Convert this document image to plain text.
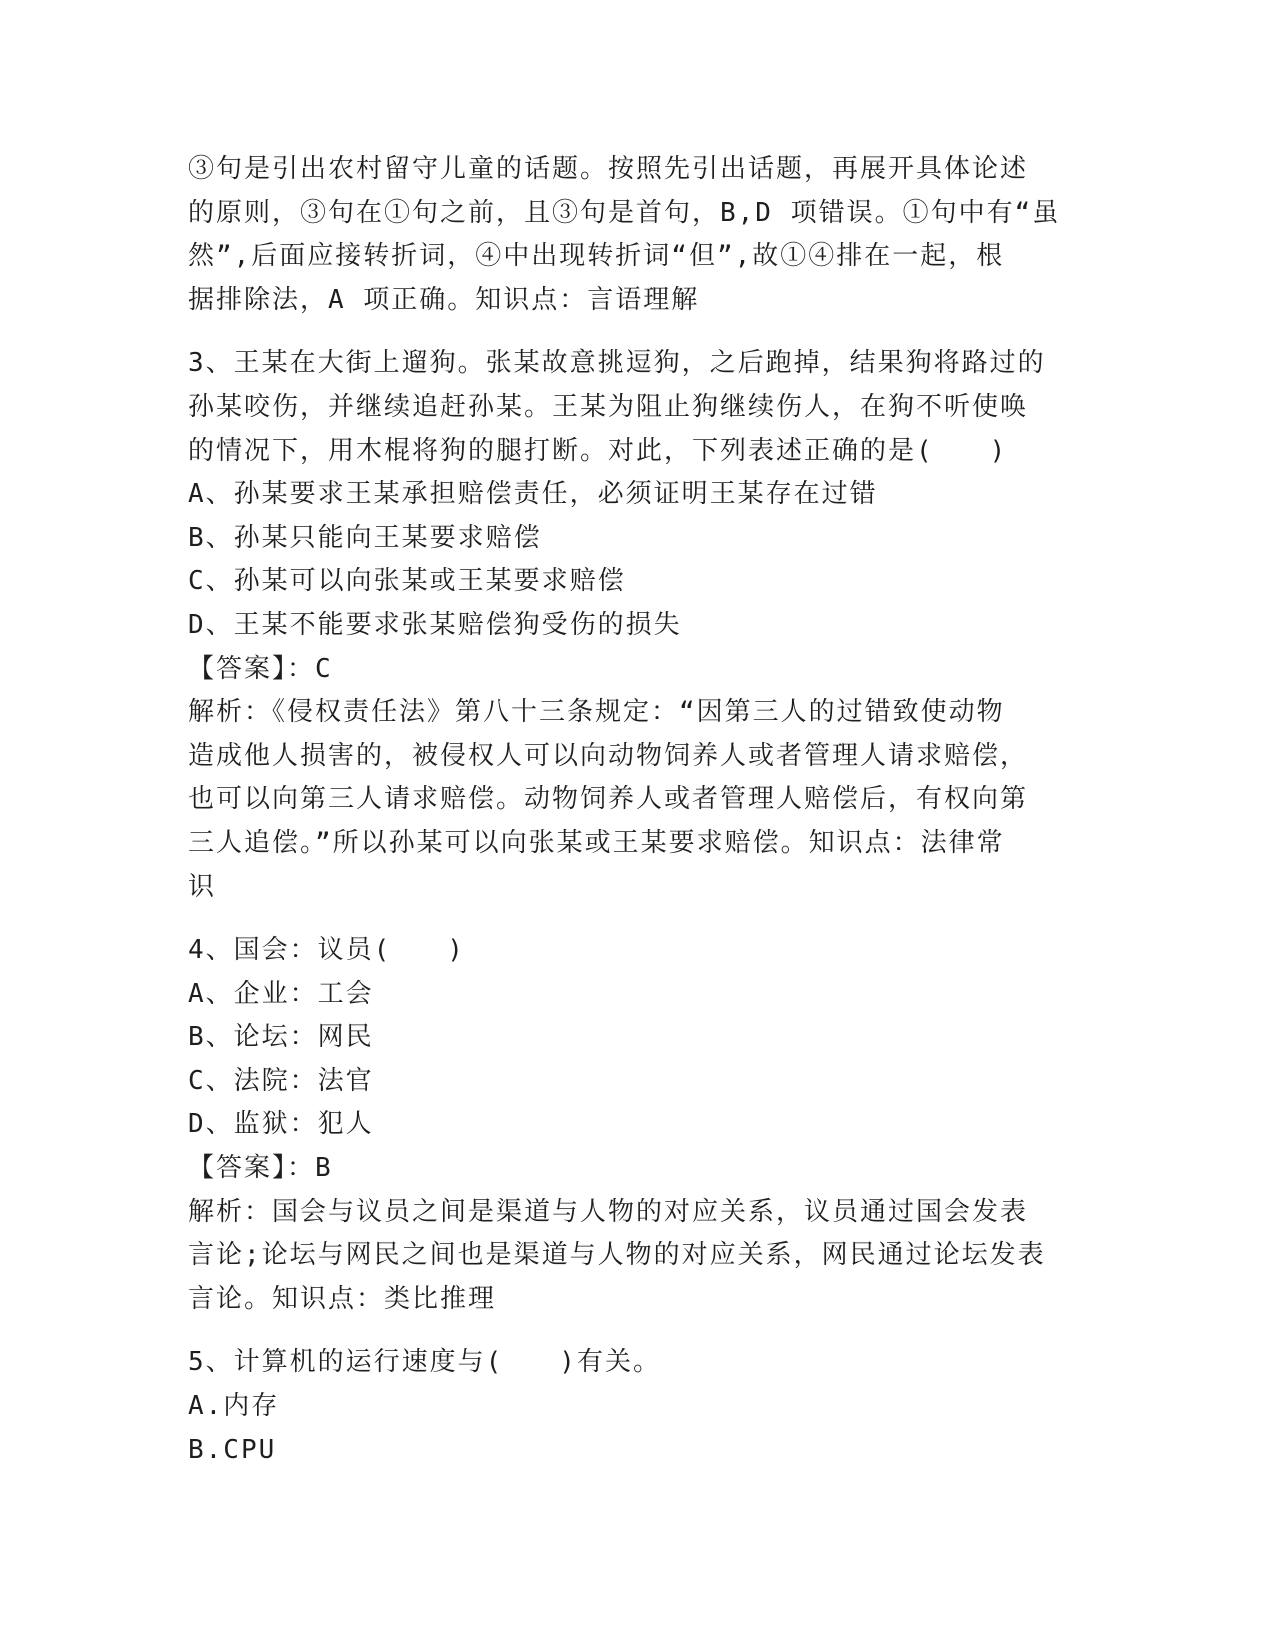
③句是引出农村留守儿童的话题。按照先引出话题，再展开具体论述
的原则，③句在①句之前，且③句是首句，B,D 项错误。①句中有“虽
然”,后面应接转折词，④中出现转折词“但”,故①④排在一起，根
据排除法，A 项正确。知识点：言语理解
3、王某在大街上遛狗。张某故意挑逗狗，之后跑掉，结果狗将路过的
孙某咬伤，并继续追赶孙某。王某为阻止狗继续伤人，在狗不听使唤
的情况下，用木棍将狗的腿打断。对此，下列表述正确的是(　　)
A、孙某要求王某承担赔偿责任，必须证明王某存在过错
B、孙某只能向王某要求赔偿
C、孙某可以向张某或王某要求赔偿
D、王某不能要求张某赔偿狗受伤的损失
【答案】：C
解析：《侵权责任法》第八十三条规定：“因第三人的过错致使动物
造成他人损害的，被侵权人可以向动物饲养人或者管理人请求赔偿，
也可以向第三人请求赔偿。动物饲养人或者管理人赔偿后，有权向第
三人追偿。”所以孙某可以向张某或王某要求赔偿。知识点：法律常
识
4、国会：议员(　　)
A、企业：工会
B、论坛：网民
C、法院：法官
D、监狱：犯人
【答案】：B
解析：国会与议员之间是渠道与人物的对应关系，议员通过国会发表
言论;论坛与网民之间也是渠道与人物的对应关系，网民通过论坛发表
言论。知识点：类比推理
5、计算机的运行速度与(　　)有关。
A.内存
B.CPU
